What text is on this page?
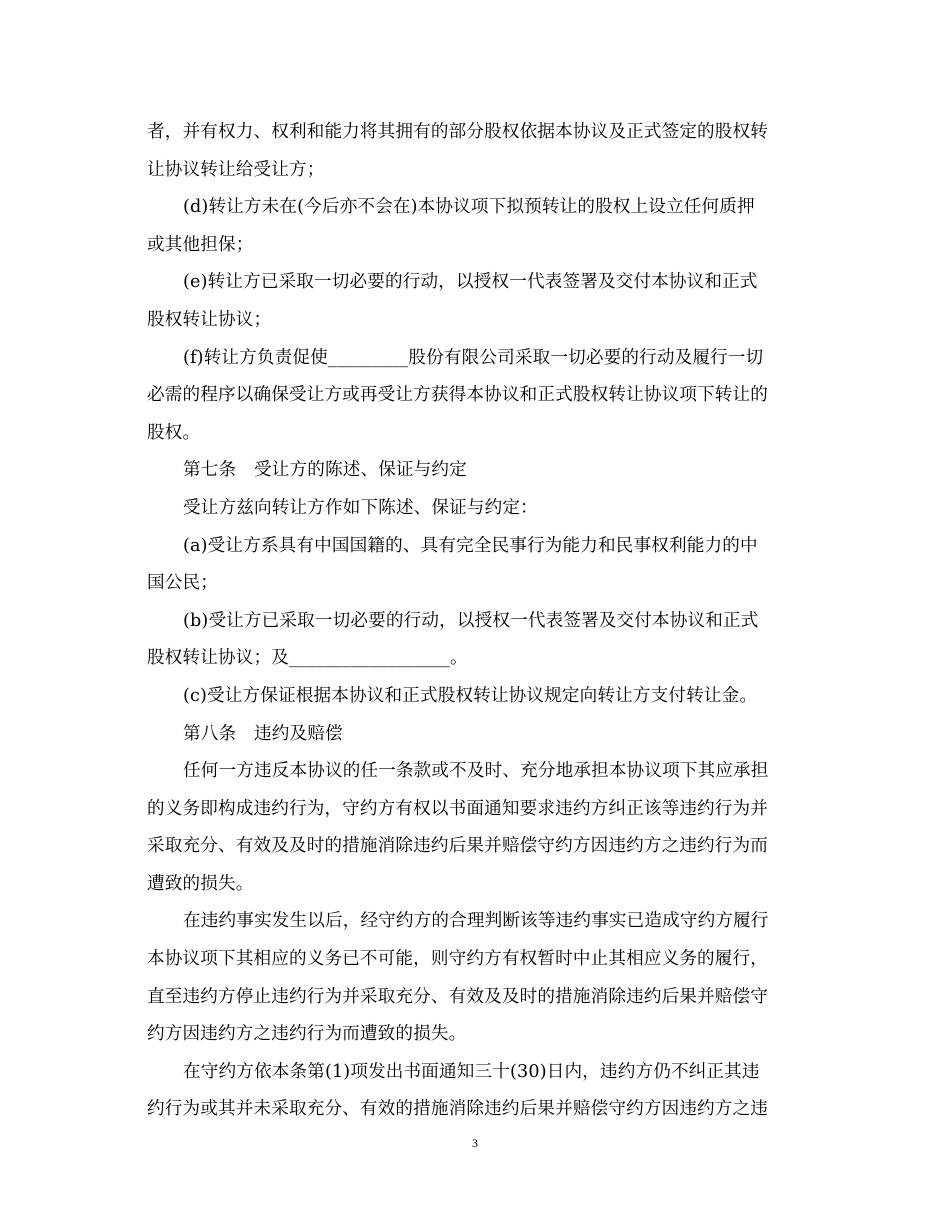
者，并有权力、权利和能力将其拥有的部分股权依据本协议及正式签定的股权转
让协议转让给受让方；
(d)转让方未在(今后亦不会在)本协议项下拟预转让的股权上设立任何质押
或其他担保；
(e)转让方已采取一切必要的行动，以授权一代表签署及交付本协议和正式
股权转让协议；
(f)转让方负责促使_________股份有限公司采取一切必要的行动及履行一切
必需的程序以确保受让方或再受让方获得本协议和正式股权转让协议项下转让的
股权。
第七条　受让方的陈述、保证与约定
受让方兹向转让方作如下陈述、保证与约定：
(a)受让方系具有中国国籍的、具有完全民事行为能力和民事权利能力的中
国公民；
(b)受让方已采取一切必要的行动，以授权一代表签署及交付本协议和正式
股权转让协议；及__________________。
(c)受让方保证根据本协议和正式股权转让协议规定向转让方支付转让金。
第八条　违约及赔偿
任何一方违反本协议的任一条款或不及时、充分地承担本协议项下其应承担
的义务即构成违约行为，守约方有权以书面通知要求违约方纠正该等违约行为并
采取充分、有效及及时的措施消除违约后果并赔偿守约方因违约方之违约行为而
遭致的损失。
在违约事实发生以后，经守约方的合理判断该等违约事实已造成守约方履行
本协议项下其相应的义务已不可能，则守约方有权暂时中止其相应义务的履行，
直至违约方停止违约行为并采取充分、有效及及时的措施消除违约后果并赔偿守
约方因违约方之违约行为而遭致的损失。
在守约方依本条第(1)项发出书面通知三十(30)日内，违约方仍不纠正其违
约行为或其并未采取充分、有效的措施消除违约后果并赔偿守约方因违约方之违
3
